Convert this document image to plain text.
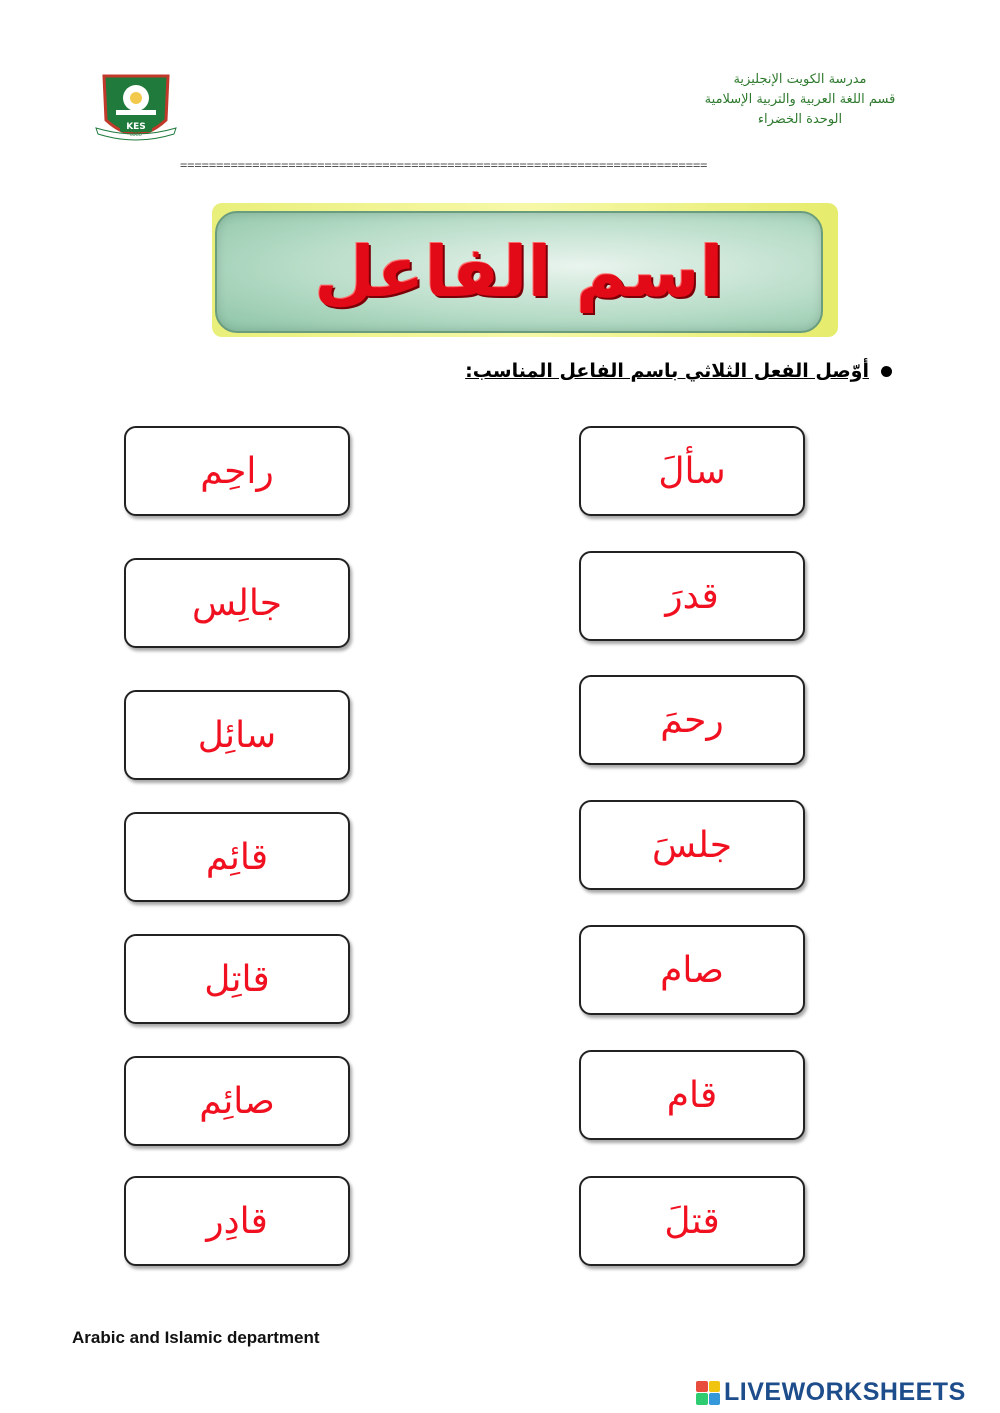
LOGO
KES
مدرسة الكويت الإنجليزية
قسم اللغة العربية والتربية الإسلامية
الوحدة الخضراء
=========================================================================
اسم الفاعل
أوّصل الفعل الثلاثي باسم الفاعل المناسب:
راحِم
جالِس
سائِل
قائِم
قاتِل
صائِم
قادِر
سألَ
قدرَ
رحمَ
جلسَ
صام
قام
قتلَ
Arabic and Islamic department
LIVEWORKSHEETS
